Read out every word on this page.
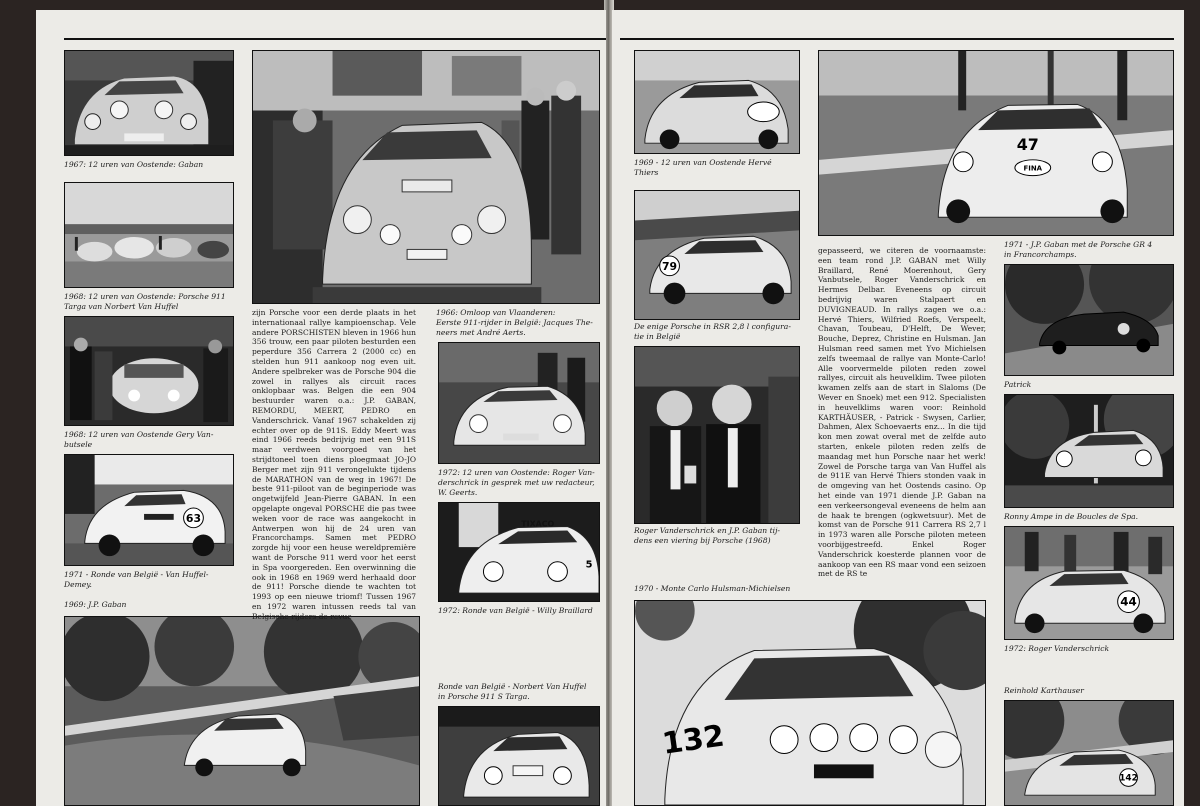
1967: 12 uren van Oostende: Gaban
1968: 12 uren van Oostende: Porsche 911
Targa van Norbert Van Huffel
1968: 12 uren van Oostende Gery Van-
butsele
63
1971 - Ronde van België - Van Huffel-
Demey.
1969: J.P. Gaban

zijn Porsche voor een derde plaats in het internationaal rallye kampioenschap. Vele andere PORSCHISTEN bleven in 1966 hun 356 trouw, een paar piloten besturden een peperdure 356 Carrera 2 (2000 cc) en stelden hun 911 aankoop nog even uit. Andere spelbreker was de Porsche 904 die zowel in rallyes als circuit races onklopbaar was. Belgen die een 904 bestuurder waren o.a.: J.P. GABAN, REMORDU, MEERT, PEDRO en Vanderschrick. Vanaf 1967 schakelden zij echter over op de 911S. Eddy Meert was eind 1966 reeds bedrijvig met een 911S maar verdween voorgoed van het strijdtoneel toen diens ploegmaat JO-JO Berger met zijn 911 verongelukte tijdens de MARATHON van de weg in 1967! De beste 911-piloot van de beginperiode was ongetwijfeld Jean-Pierre GABAN. In een opgelapte ongeval PORSCHE die pas twee weken voor de race was aangekocht in Antwerpen won hij de 24 uren van Francorchamps. Samen met PEDRO zorgde hij voor een heuse wereldpremière want de Porsche 911 werd voor het eerst in Spa voorgereden. Een overwinning die ook in 1968 en 1969 werd herhaald door de 911! Porsche diende te wachten tot 1993 op een nieuwe triomf! Tussen 1967 en 1972 waren intussen reeds tal van Belgische rijders de revue

1966: Omloop van Vlaanderen:
Eerste 911-rijder in België: Jacques The-
neers met André Aerts.
1972: 12 uren van Oostende: Roger Van-
derschrick in gesprek met uw redacteur,
W. Geerts.
TIXACO
5
1972: Ronde van België - Willy Braillard
Ronde van België - Norbert Van Huffel
in Porsche 911 S Targa.
1969 - 12 uren van Oostende Hervé
Thiers
79
De enige Porsche in RSR 2,8 l configura-
tie in België
Roger Vanderschrick en J.P. Gaban tij-
dens een viering bij Porsche (1968)
1970 - Monte Carlo Hulsman-Michielsen
132
47
FINA

gepasseerd, we citeren de voornaamste: een team rond J.P. GABAN met Willy Braillard, René Moerenhout, Gery Vanbutsele, Roger Vanderschrick en Hermes Delbar. Eveneens op circuit bedrijvig waren Stalpaert en DUVIGNEAUD. In rallys zagen we o.a.: Hervé Thiers, Wilfried Roefs, Verspeelt, Chavan, Toubeau, D'Helft, De Wever, Bouche, Deprez, Christine en Hulsman. Jan Hulsman reed samen met Yvo Michielsen zelfs tweemaal de rallye van Monte-Carlo! Alle voorvermelde piloten reden zowel rallyes, circuit als heuvelklim. Twee piloten kwamen zelfs aan de start in Slaloms (De Wever en Snoek) met een 912. Specialisten in heuvelklims waren voor: Reinhold KARTHÄUSER, - Patrick - Swysen, Carlier, Dahmen, Alex Schoevaerts enz... In die tijd kon men zowat overal met de zelfde auto starten, enkele piloten reden zelfs de maandag met hun Porsche naar het werk! Zowel de Porsche targa van Van Huffel als de 911E van Hervé Thiers stonden vaak in de omgeving van het Oostends casino. Op het einde van 1971 diende J.P. Gaban na een verkeersongeval eveneens de helm aan de haak te brengen (ogkwetsuur). Met de komst van de Porsche 911 Carrera RS 2,7 l in 1973 waren alle Porsche piloten meteen voorbijgestreefd. Enkel Roger Vanderschrick koesterde plannen voor de aankoop van een RS maar vond een seizoen met de RS te

1971 - J.P. Gaban met de Porsche GR 4
in Francorchamps.
Patrick
Ronny Ampe in de Boucles de Spa.
44
1972: Roger Vanderschrick
Reinhold Karthauser
142
